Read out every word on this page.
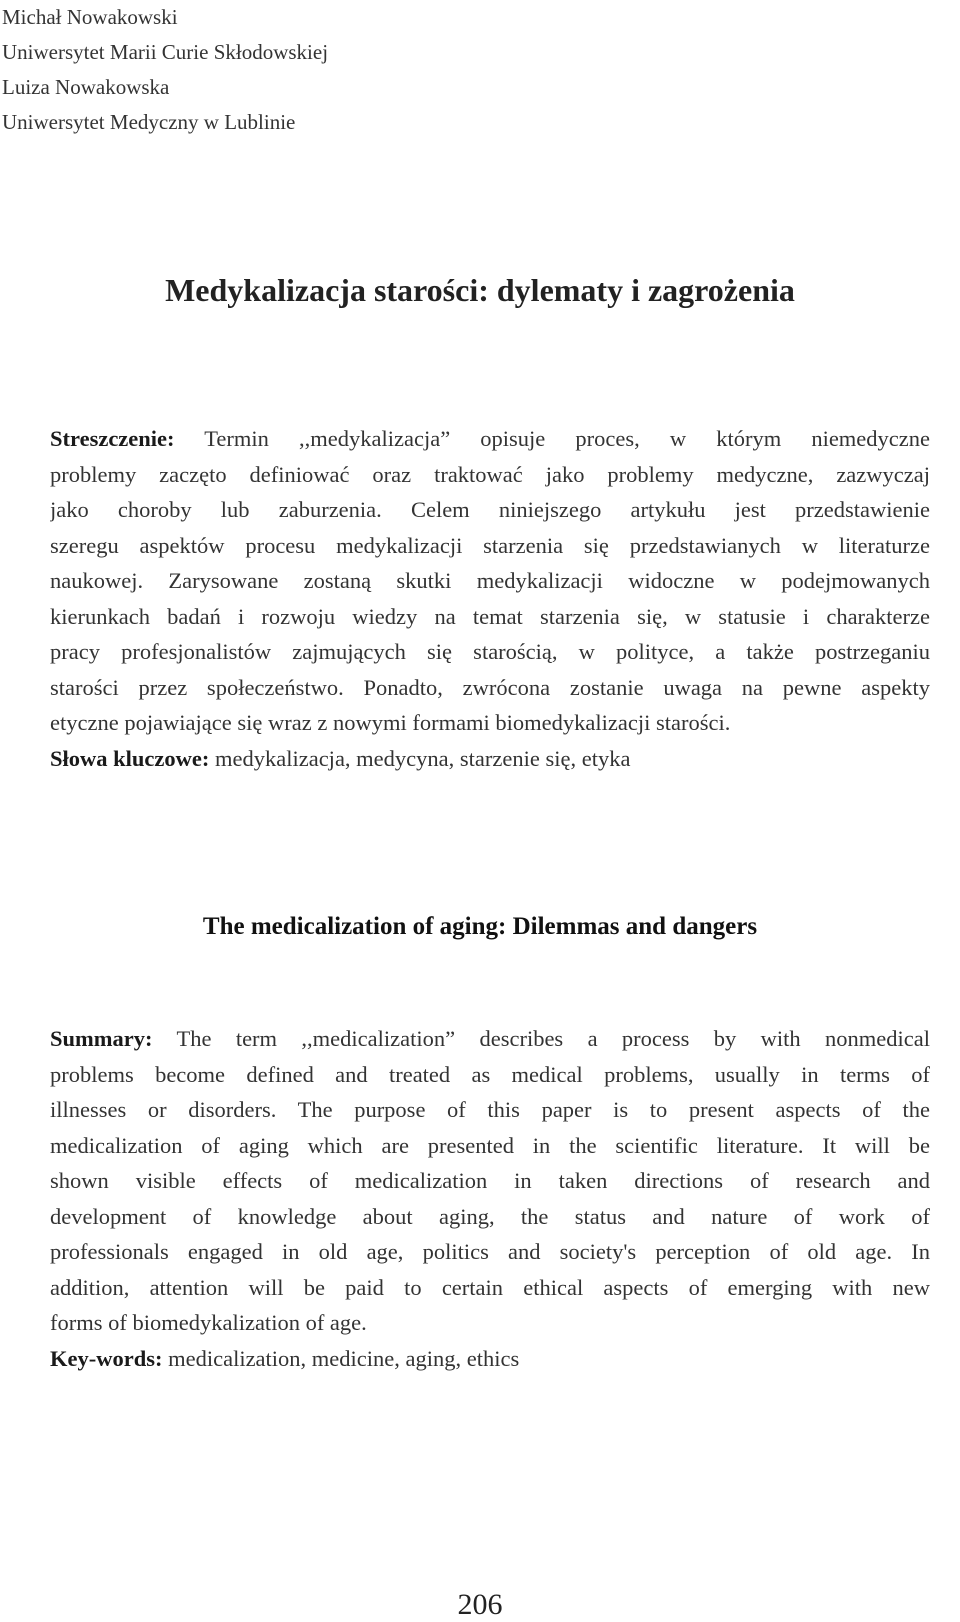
Michał Nowakowski
Uniwersytet Marii Curie Skłodowskiej
Luiza Nowakowska
Uniwersytet Medyczny w Lublinie
Medykalizacja starości: dylematy i zagrożenia
Streszczenie: Termin ,,medykalizacja” opisuje proces, w którym niemedyczne
problemy zaczęto definiować oraz traktować jako problemy medyczne, zazwyczaj
jako choroby lub zaburzenia. Celem niniejszego artykułu jest przedstawienie
szeregu aspektów procesu medykalizacji starzenia się przedstawianych w literaturze
naukowej. Zarysowane zostaną skutki medykalizacji widoczne w podejmowanych
kierunkach badań i rozwoju wiedzy na temat starzenia się, w statusie i charakterze
pracy profesjonalistów zajmujących się starością, w polityce, a także postrzeganiu
starości przez społeczeństwo. Ponadto, zwrócona zostanie uwaga na pewne aspekty
etyczne pojawiające się wraz z nowymi formami biomedykalizacji starości.
Słowa kluczowe: medykalizacja, medycyna, starzenie się, etyka
The medicalization of aging: Dilemmas and dangers
Summary: The term ,,medicalization” describes a process by with nonmedical
problems become defined and treated as medical problems, usually in terms of
illnesses or disorders. The purpose of this paper is to present aspects of the
medicalization of aging which are presented in the scientific literature. It will be
shown visible effects of medicalization in taken directions of research and
development of knowledge about aging, the status and nature of work of
professionals engaged in old age, politics and society's perception of old age. In
addition, attention will be paid to certain ethical aspects of emerging with new
forms of biomedykalization of age.
Key-words: medicalization, medicine, aging, ethics
206
